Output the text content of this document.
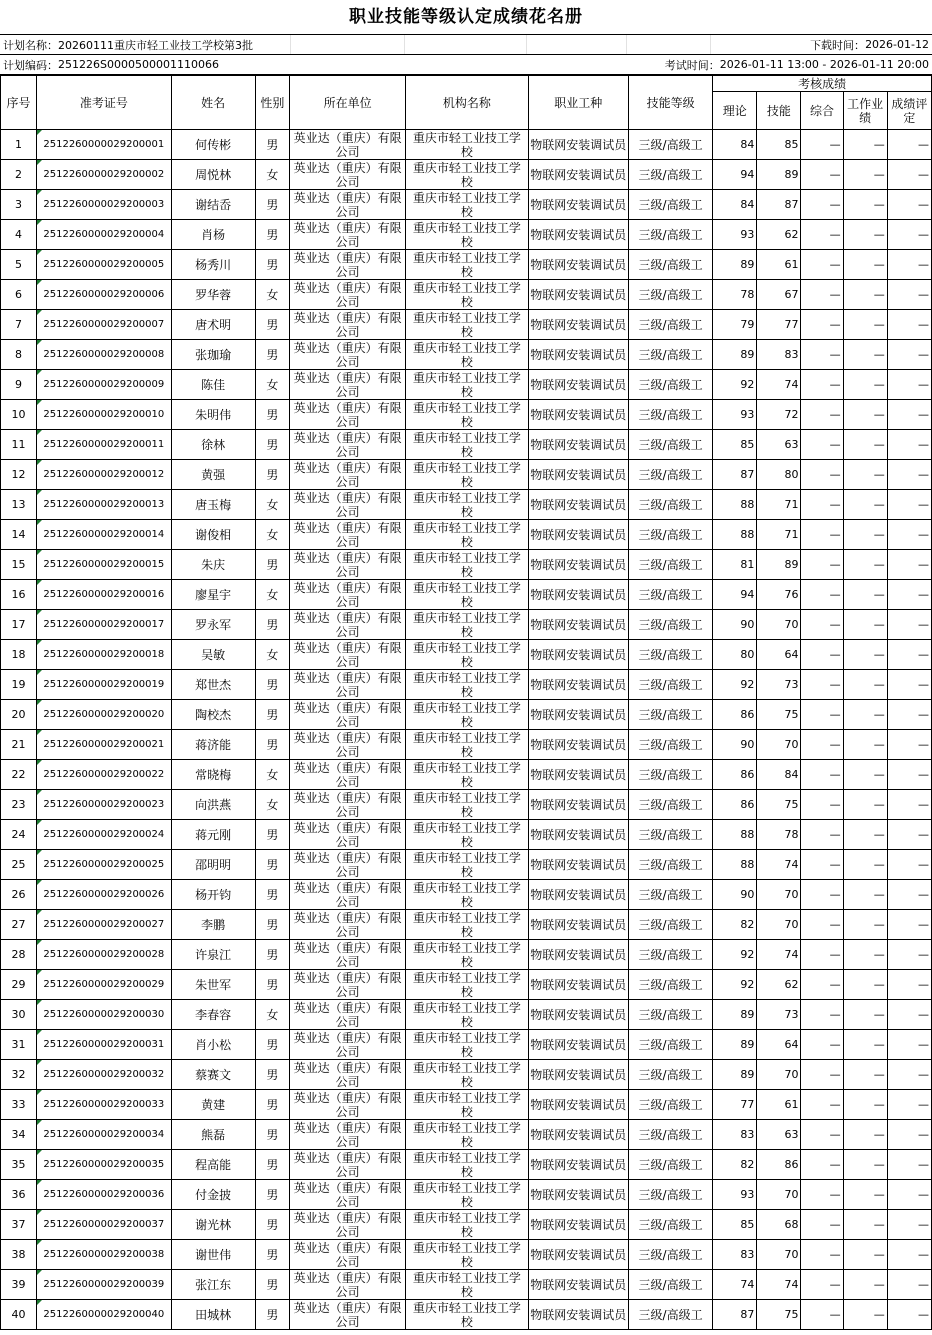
职业技能等级认定成绩花名册
计划名称： 20260111重庆市轻工业技工学校第3批	下载时间： 2026-01-12
计划编码： 251226S0000500001110066	考试时间： 2026-01-11 13:00 - 2026-01-11 20:00
序号	准考证号	姓名	性别	所在单位	机构名称	职业工种	技能等级	考核成绩				
								理论	技能	综合	工作业绩	成绩评定
1	2512260000029200001	何传彬	男	英业达（重庆）有限公司	重庆市轻工业技工学校	物联网安装调试员	三级/高级工	84	85	—	—	—
2	2512260000029200002	周悦林	女	英业达（重庆）有限公司	重庆市轻工业技工学校	物联网安装调试员	三级/高级工	94	89	—	—	—
3	2512260000029200003	谢结岙	男	英业达（重庆）有限公司	重庆市轻工业技工学校	物联网安装调试员	三级/高级工	84	87	—	—	—
4	2512260000029200004	肖杨	男	英业达（重庆）有限公司	重庆市轻工业技工学校	物联网安装调试员	三级/高级工	93	62	—	—	—
5	2512260000029200005	杨秀川	男	英业达（重庆）有限公司	重庆市轻工业技工学校	物联网安装调试员	三级/高级工	89	61	—	—	—
6	2512260000029200006	罗华蓉	女	英业达（重庆）有限公司	重庆市轻工业技工学校	物联网安装调试员	三级/高级工	78	67	—	—	—
7	2512260000029200007	唐术明	男	英业达（重庆）有限公司	重庆市轻工业技工学校	物联网安装调试员	三级/高级工	79	77	—	—	—
8	2512260000029200008	张珈瑜	男	英业达（重庆）有限公司	重庆市轻工业技工学校	物联网安装调试员	三级/高级工	89	83	—	—	—
9	2512260000029200009	陈佳	女	英业达（重庆）有限公司	重庆市轻工业技工学校	物联网安装调试员	三级/高级工	92	74	—	—	—
10	2512260000029200010	朱明伟	男	英业达（重庆）有限公司	重庆市轻工业技工学校	物联网安装调试员	三级/高级工	93	72	—	—	—
11	2512260000029200011	徐林	男	英业达（重庆）有限公司	重庆市轻工业技工学校	物联网安装调试员	三级/高级工	85	63	—	—	—
12	2512260000029200012	黄强	男	英业达（重庆）有限公司	重庆市轻工业技工学校	物联网安装调试员	三级/高级工	87	80	—	—	—
13	2512260000029200013	唐玉梅	女	英业达（重庆）有限公司	重庆市轻工业技工学校	物联网安装调试员	三级/高级工	88	71	—	—	—
14	2512260000029200014	谢俊相	女	英业达（重庆）有限公司	重庆市轻工业技工学校	物联网安装调试员	三级/高级工	88	71	—	—	—
15	2512260000029200015	朱庆	男	英业达（重庆）有限公司	重庆市轻工业技工学校	物联网安装调试员	三级/高级工	81	89	—	—	—
16	2512260000029200016	廖星宇	女	英业达（重庆）有限公司	重庆市轻工业技工学校	物联网安装调试员	三级/高级工	94	76	—	—	—
17	2512260000029200017	罗永军	男	英业达（重庆）有限公司	重庆市轻工业技工学校	物联网安装调试员	三级/高级工	90	70	—	—	—
18	2512260000029200018	吴敏	女	英业达（重庆）有限公司	重庆市轻工业技工学校	物联网安装调试员	三级/高级工	80	64	—	—	—
19	2512260000029200019	郑世杰	男	英业达（重庆）有限公司	重庆市轻工业技工学校	物联网安装调试员	三级/高级工	92	73	—	—	—
20	2512260000029200020	陶校杰	男	英业达（重庆）有限公司	重庆市轻工业技工学校	物联网安装调试员	三级/高级工	86	75	—	—	—
21	2512260000029200021	蒋济能	男	英业达（重庆）有限公司	重庆市轻工业技工学校	物联网安装调试员	三级/高级工	90	70	—	—	—
22	2512260000029200022	常晓梅	女	英业达（重庆）有限公司	重庆市轻工业技工学校	物联网安装调试员	三级/高级工	86	84	—	—	—
23	2512260000029200023	向洪燕	女	英业达（重庆）有限公司	重庆市轻工业技工学校	物联网安装调试员	三级/高级工	86	75	—	—	—
24	2512260000029200024	蒋元刚	男	英业达（重庆）有限公司	重庆市轻工业技工学校	物联网安装调试员	三级/高级工	88	78	—	—	—
25	2512260000029200025	邵明明	男	英业达（重庆）有限公司	重庆市轻工业技工学校	物联网安装调试员	三级/高级工	88	74	—	—	—
26	2512260000029200026	杨开钧	男	英业达（重庆）有限公司	重庆市轻工业技工学校	物联网安装调试员	三级/高级工	90	70	—	—	—
27	2512260000029200027	李鹏	男	英业达（重庆）有限公司	重庆市轻工业技工学校	物联网安装调试员	三级/高级工	82	70	—	—	—
28	2512260000029200028	许泉江	男	英业达（重庆）有限公司	重庆市轻工业技工学校	物联网安装调试员	三级/高级工	92	74	—	—	—
29	2512260000029200029	朱世军	男	英业达（重庆）有限公司	重庆市轻工业技工学校	物联网安装调试员	三级/高级工	92	62	—	—	—
30	2512260000029200030	李春容	女	英业达（重庆）有限公司	重庆市轻工业技工学校	物联网安装调试员	三级/高级工	89	73	—	—	—
31	2512260000029200031	肖小松	男	英业达（重庆）有限公司	重庆市轻工业技工学校	物联网安装调试员	三级/高级工	89	64	—	—	—
32	2512260000029200032	蔡赛文	男	英业达（重庆）有限公司	重庆市轻工业技工学校	物联网安装调试员	三级/高级工	89	70	—	—	—
33	2512260000029200033	黄建	男	英业达（重庆）有限公司	重庆市轻工业技工学校	物联网安装调试员	三级/高级工	77	61	—	—	—
34	2512260000029200034	熊磊	男	英业达（重庆）有限公司	重庆市轻工业技工学校	物联网安装调试员	三级/高级工	83	63	—	—	—
35	2512260000029200035	程高能	男	英业达（重庆）有限公司	重庆市轻工业技工学校	物联网安装调试员	三级/高级工	82	86	—	—	—
36	2512260000029200036	付金披	男	英业达（重庆）有限公司	重庆市轻工业技工学校	物联网安装调试员	三级/高级工	93	70	—	—	—
37	2512260000029200037	谢光林	男	英业达（重庆）有限公司	重庆市轻工业技工学校	物联网安装调试员	三级/高级工	85	68	—	—	—
38	2512260000029200038	谢世伟	男	英业达（重庆）有限公司	重庆市轻工业技工学校	物联网安装调试员	三级/高级工	83	70	—	—	—
39	2512260000029200039	张江东	男	英业达（重庆）有限公司	重庆市轻工业技工学校	物联网安装调试员	三级/高级工	74	74	—	—	—
40	2512260000029200040	田城林	男	英业达（重庆）有限公司	重庆市轻工业技工学校	物联网安装调试员	三级/高级工	87	75	—	—	—
